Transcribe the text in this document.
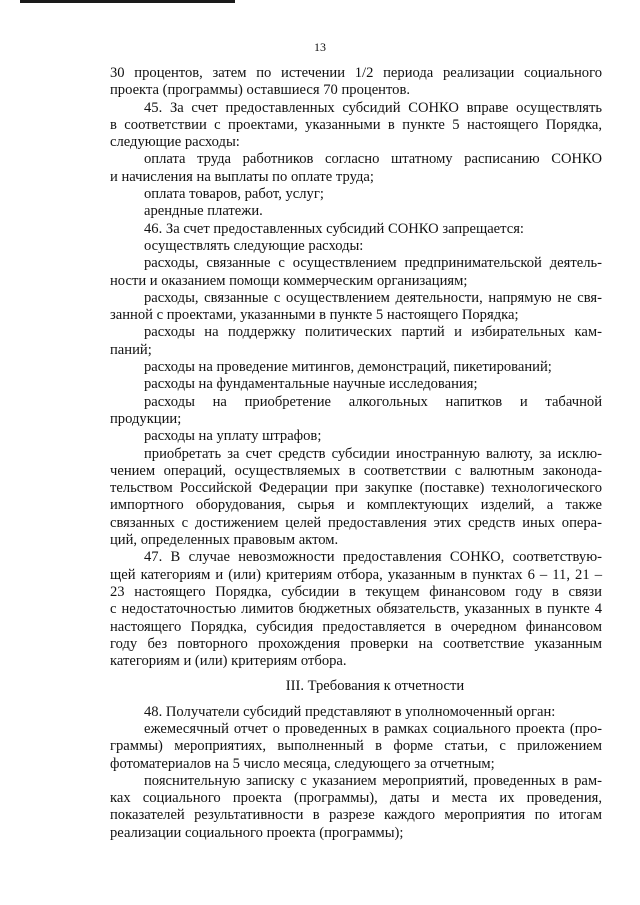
13
30 процентов, затем по истечении 1/2 периода реализации социального
проекта (программы) оставшиеся 70 процентов.
45. За счет предоставленных субсидий СОНКО вправе осуществлять
в соответствии с проектами, указанными в пункте 5 настоящего Порядка,
следующие расходы:
оплата труда работников согласно штатному расписанию СОНКО
и начисления на выплаты по оплате труда;
оплата товаров, работ, услуг;
арендные платежи.
46. За счет предоставленных субсидий СОНКО запрещается:
осуществлять следующие расходы:
расходы, связанные с осуществлением предпринимательской деятель-
ности и оказанием помощи коммерческим организациям;
расходы, связанные с осуществлением деятельности, напрямую не свя-
занной с проектами, указанными в пункте 5 настоящего Порядка;
расходы на поддержку политических партий и избирательных кам-
паний;
расходы на проведение митингов, демонстраций, пикетирований;
расходы на фундаментальные научные исследования;
расходы на приобретение алкогольных напитков и табачной
продукции;
расходы на уплату штрафов;
приобретать за счет средств субсидии иностранную валюту, за исклю-
чением операций, осуществляемых в соответствии с валютным законода-
тельством Российской Федерации при закупке (поставке) технологического
импортного оборудования, сырья и комплектующих изделий, а также
связанных с достижением целей предоставления этих средств иных опера-
ций, определенных правовым актом.
47. В случае невозможности предоставления СОНКО, соответствую-
щей категориям и (или) критериям отбора, указанным в пунктах 6 – 11, 21 –
23 настоящего Порядка, субсидии в текущем финансовом году в связи
с недостаточностью лимитов бюджетных обязательств, указанных в пункте 4
настоящего Порядка, субсидия предоставляется в очередном финансовом
году без повторного прохождения проверки на соответствие указанным
категориям и (или) критериям отбора.
III. Требования к отчетности
48. Получатели субсидий представляют в уполномоченный орган:
ежемесячный отчет о проведенных в рамках социального проекта (про-
граммы) мероприятиях, выполненный в форме статьи, с приложением
фотоматериалов на 5 число месяца, следующего за отчетным;
пояснительную записку с указанием мероприятий, проведенных в рам-
ках социального проекта (программы), даты и места их проведения,
показателей результативности в разрезе каждого мероприятия по итогам
реализации социального проекта (программы);
